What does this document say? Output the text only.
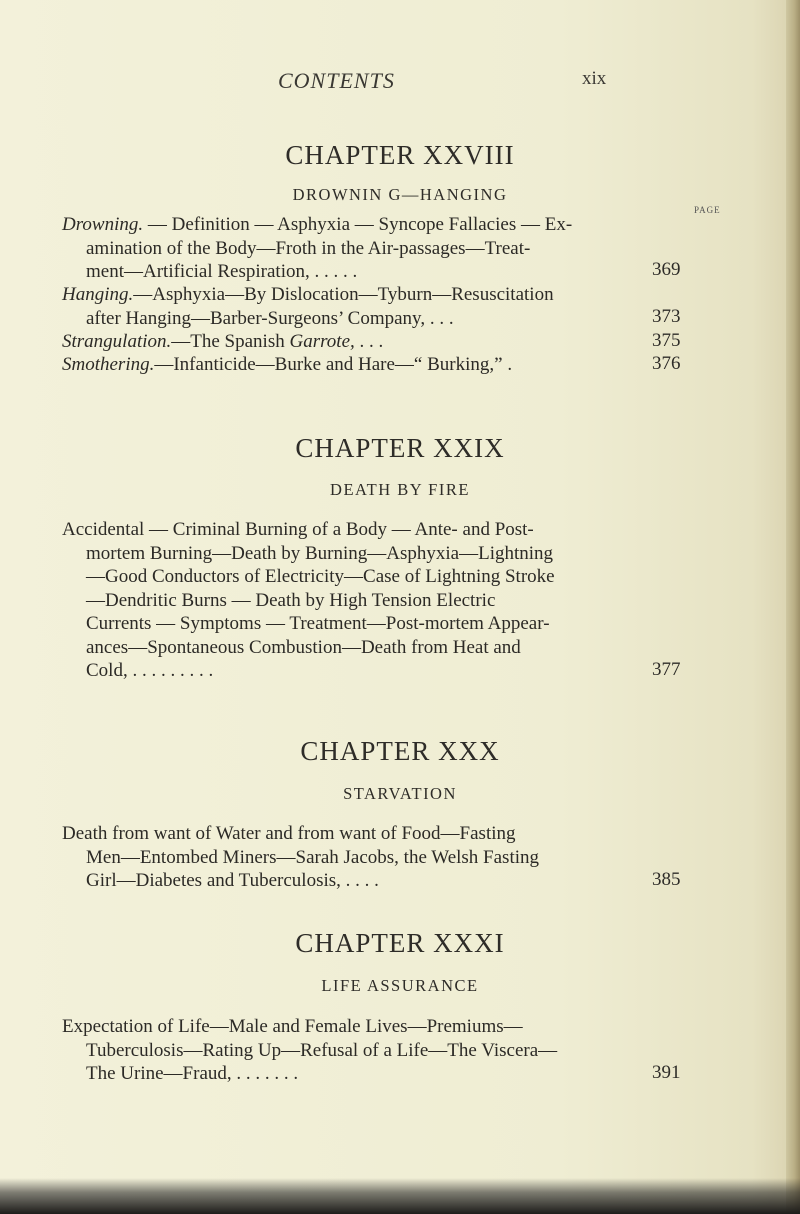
CONTENTS	xix
CHAPTER XXVIII
DROWNIN G—HANGING
PAGE
Drowning. — Definition — Asphyxia — Syncope Fallacies — Ex-
amination of the Body—Froth in the Air-passages—Treat-
ment—Artificial Respiration, . . . . .	369
Hanging.—Asphyxia—By Dislocation—Tyburn—Resuscitation
after Hanging—Barber-Surgeons’ Company, . . .	373
Strangulation.—The Spanish Garrote, . . .	375
Smothering.—Infanticide—Burke and Hare—“ Burking,” .	376
CHAPTER XXIX
DEATH BY FIRE
Accidental — Criminal Burning of a Body — Ante- and Post-
mortem Burning—Death by Burning—Asphyxia—Lightning
—Good Conductors of Electricity—Case of Lightning Stroke
—Dendritic Burns — Death by High Tension Electric
Currents — Symptoms — Treatment—Post-mortem Appear-
ances—Spontaneous Combustion—Death from Heat and
Cold, . . . . . . . . .	377
CHAPTER XXX
STARVATION
Death from want of Water and from want of Food—Fasting
Men—Entombed Miners—Sarah Jacobs, the Welsh Fasting
Girl—Diabetes and Tuberculosis, . . . .	385
CHAPTER XXXI
LIFE ASSURANCE
Expectation of Life—Male and Female Lives—Premiums—
Tuberculosis—Rating Up—Refusal of a Life—The Viscera—
The Urine—Fraud, . . . . . . .	391
